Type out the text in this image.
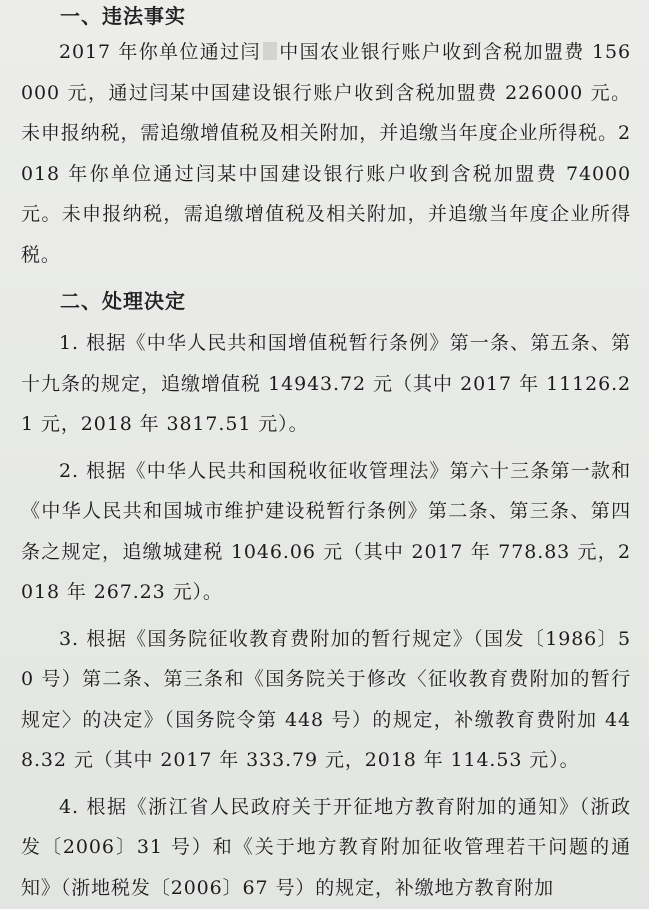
一、违法事实

2017 年你单位通过闫 中国农业银行账户收到含税加盟费 156000 元，通过闫某中国建设银行账户收到含税加盟费 226000 元。未申报纳税，需追缴增值税及相关附加，并追缴当年度企业所得税。2018 年你单位通过闫某中国建设银行账户收到含税加盟费 74000 元。未申报纳税，需追缴增值税及相关附加，并追缴当年度企业所得税。

二、处理决定

1. 根据《中华人民共和国增值税暂行条例》第一条、第五条、第十九条的规定，追缴增值税 14943.72 元（其中 2017 年 11126.21 元，2018 年 3817.51 元）。

2. 根据《中华人民共和国税收征收管理法》第六十三条第一款和《中华人民共和国城市维护建设税暂行条例》第二条、第三条、第四条之规定，追缴城建税 1046.06 元（其中 2017 年 778.83 元，2018 年 267.23 元）。

3. 根据《国务院征收教育费附加的暂行规定》（国发〔1986〕50 号）第二条、第三条和《国务院关于修改〈征收教育费附加的暂行规定〉的决定》（国务院令第 448 号）的规定，补缴教育费附加 448.32 元（其中 2017 年 333.79 元，2018 年 114.53 元）。

4. 根据《浙江省人民政府关于开征地方教育附加的通知》（浙政发〔2006〕31 号）和《关于地方教育附加征收管理若干问题的通知》（浙地税发〔2006〕67 号）的规定，补缴地方教育附加
